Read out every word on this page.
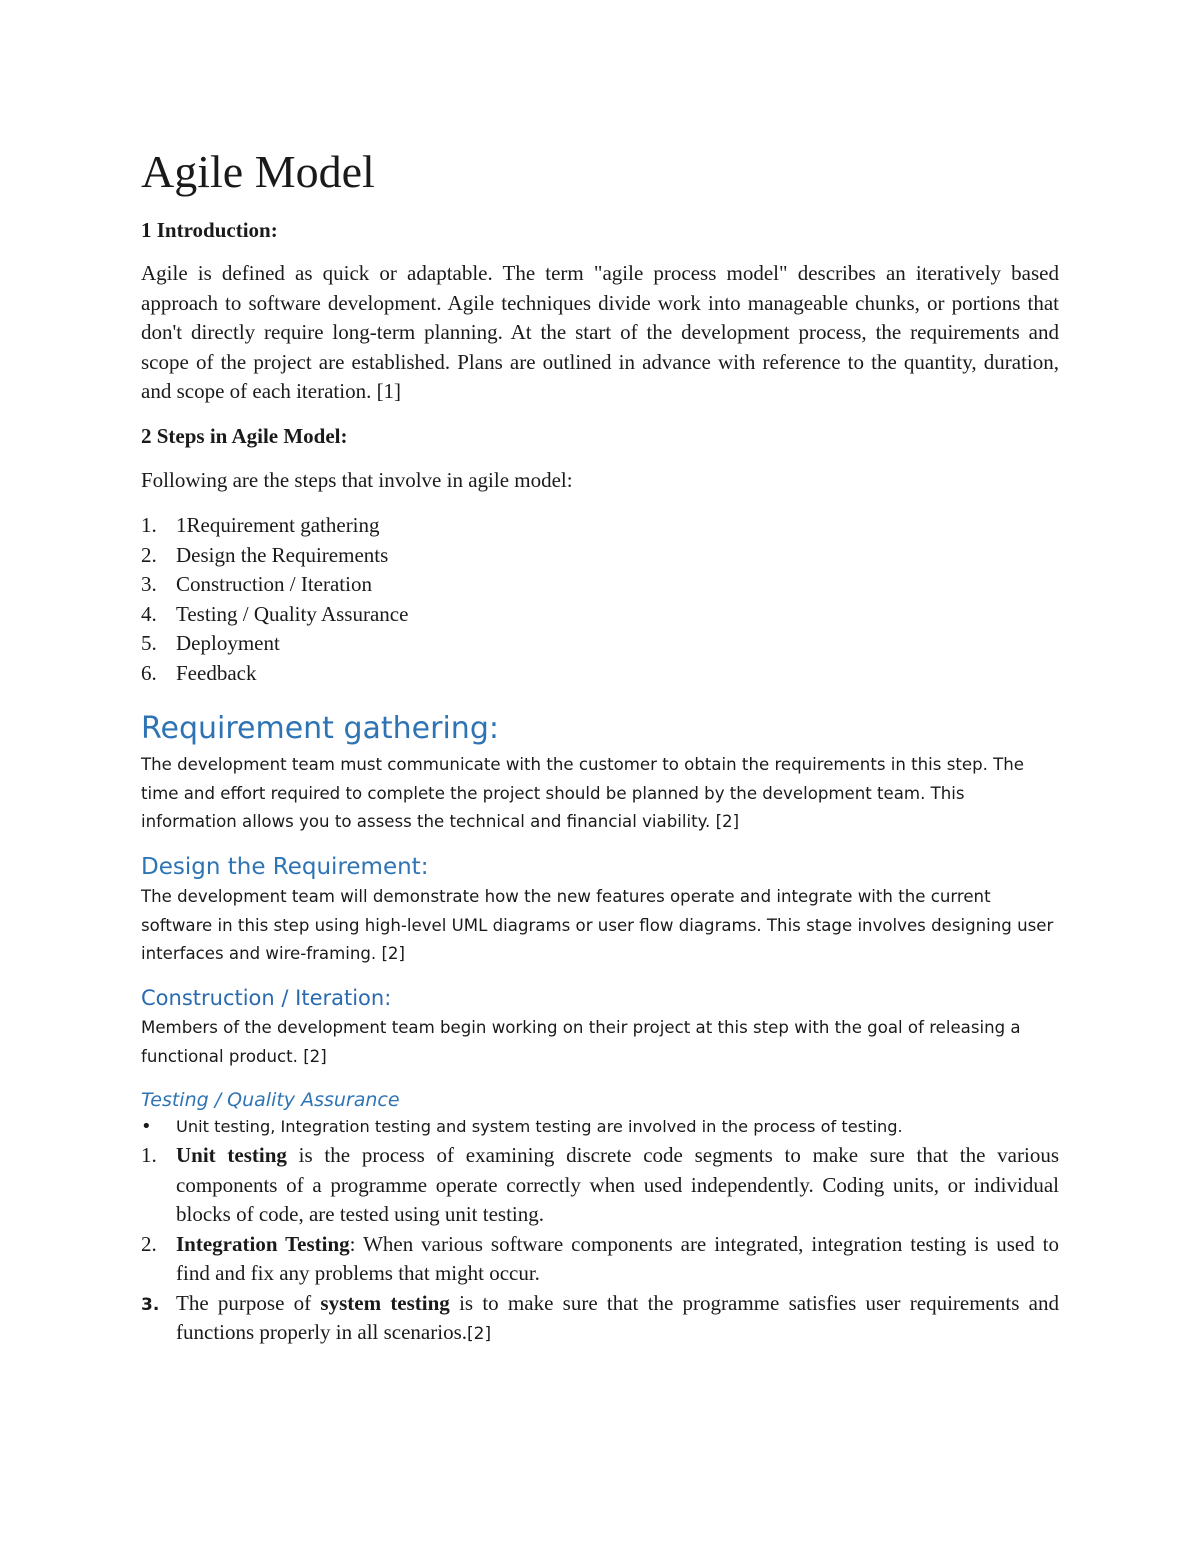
Agile Model
1 Introduction:

Agile is defined as quick or adaptable. The term "agile process model" describes an iteratively based approach to software development. Agile techniques divide work into manageable chunks, or portions that don't directly require long-term planning. At the start of the development process, the requirements and scope of the project are established. Plans are outlined in advance with reference to the quantity, duration, and scope of each iteration. [1]

2 Steps in Agile Model:

Following are the steps that involve in agile model:

1. 1Requirement gathering
2. Design the Requirements
3. Construction / Iteration
4. Testing / Quality Assurance
5. Deployment
6. Feedback
Requirement gathering:

The development team must communicate with the customer to obtain the requirements in this step. The time and effort required to complete the project should be planned by the development team. This information allows you to assess the technical and financial viability. [2]

Design the Requirement:

The development team will demonstrate how the new features operate and integrate with the current software in this step using high-level UML diagrams or user flow diagrams. This stage involves designing user interfaces and wire-framing. [2]

Construction / Iteration:

Members of the development team begin working on their project at this step with the goal of releasing a functional product. [2]

Testing / Quality Assurance

• Unit testing, Integration testing and system testing are involved in the process of testing.

1. Unit testing is the process of examining discrete code segments to make sure that the various components of a programme operate correctly when used independently. Coding units, or individual blocks of code, are tested using unit testing.
2. Integration Testing: When various software components are integrated, integration testing is used to find and fix any problems that might occur.
3. The purpose of system testing is to make sure that the programme satisfies user requirements and functions properly in all scenarios.[2]
